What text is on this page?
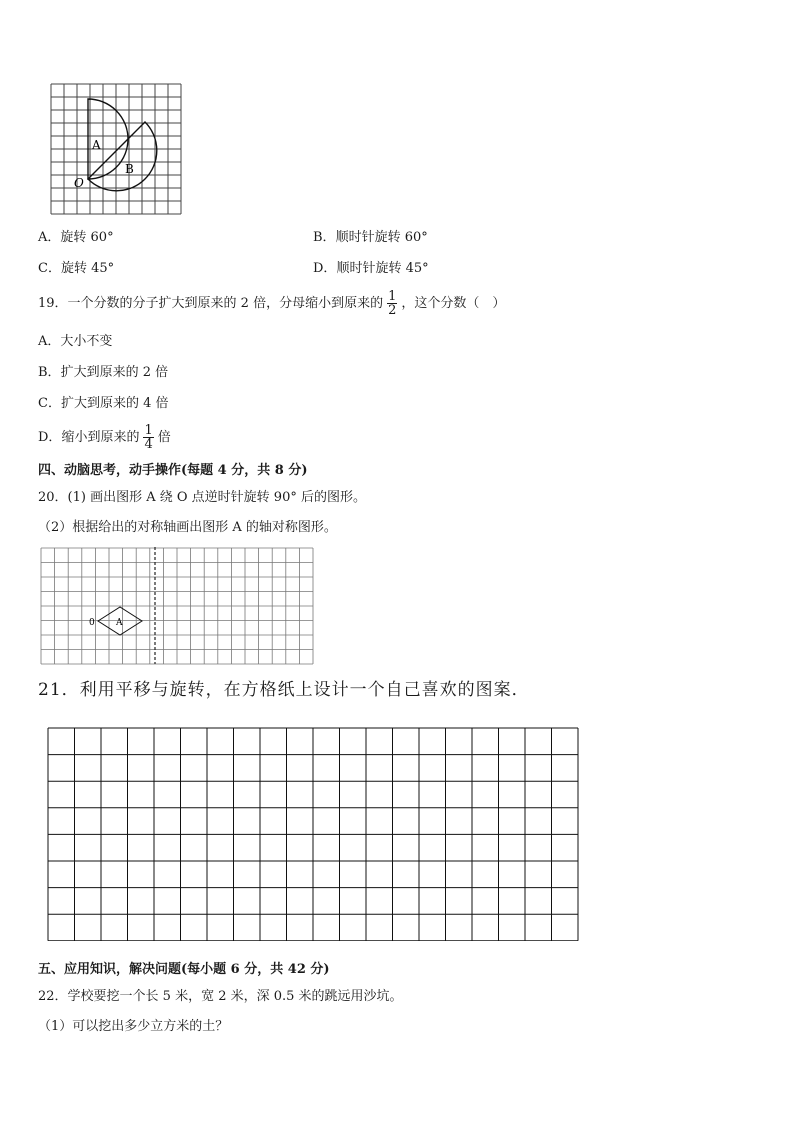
A
B
O
A．旋转 60°	B．顺时针旋转 60°
C．旋转 45°	D．顺时针旋转 45°
19．一个分数的分子扩大到原来的 2 倍，分母缩小到原来的 $\frac{1}{2}$ ，这个分数（　）
A．大小不变
B．扩大到原来的 2 倍
C．扩大到原来的 4 倍
D．缩小到原来的 $\frac{1}{4}$ 倍
四、动脑思考，动手操作(每题 4 分，共 8 分)
20．(1) 画出图形 A 绕 O 点逆时针旋转 90° 后的图形。
（2）根据给出的对称轴画出图形 A 的轴对称图形。
0 A
21．利用平移与旋转，在方格纸上设计一个自己喜欢的图案．
五、应用知识，解决问题(每小题 6 分，共 42 分)
22．学校要挖一个长 5 米，宽 2 米，深 0.5 米的跳远用沙坑。
（1）可以挖出多少立方米的土？
